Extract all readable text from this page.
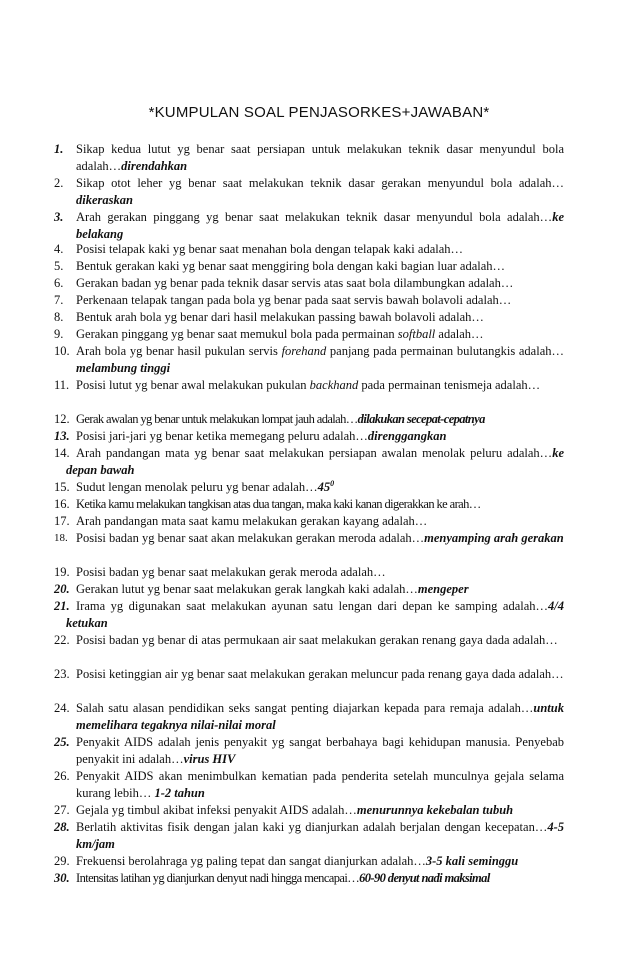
*KUMPULAN SOAL PENJASORKES+JAWABAN*
1.	Sikap kedua lutut yg benar saat persiapan untuk melakukan teknik dasar menyundul bola adalah…direndahkan
2.	Sikap otot leher yg benar saat melakukan teknik dasar gerakan menyundul bola adalah…dikeraskan
3.	Arah gerakan pinggang yg benar saat melakukan teknik dasar menyundul bola adalah…ke belakang
4.	Posisi telapak kaki yg benar saat menahan bola dengan telapak kaki adalah…
5.	Bentuk gerakan kaki yg benar saat menggiring bola dengan kaki bagian luar adalah…
6.	Gerakan badan yg benar pada teknik dasar servis atas saat bola dilambungkan adalah…
7.	Perkenaan telapak tangan pada bola yg benar pada saat servis bawah bolavoli adalah…
8.	Bentuk arah bola yg benar dari hasil melakukan passing bawah bolavoli adalah…
9.	Gerakan pinggang yg benar saat memukul bola pada permainan softball adalah…
10. Arah bola yg benar hasil pukulan servis forehand panjang pada permainan bulutangkis adalah…melambung tinggi
11. Posisi lutut yg benar awal melakukan pukulan backhand pada permainan tenismeja adalah…
12. Gerak awalan yg benar untuk melakukan lompat jauh adalah…dilakukan secepat-cepatnya
13. Posisi jari-jari yg benar ketika memegang peluru adalah…direnggangkan
14. Arah pandangan mata yg benar saat melakukan persiapan awalan menolak peluru adalah…ke depan bawah
15. Sudut lengan menolak peluru yg benar $adalah\dots 45^0$
16. Ketika kamu melakukan tangkisan atas dua tangan, maka kaki kanan digerakkan ke arah…
17. Arah pandangan mata saat kamu melakukan gerakan kayang adalah…
18. Posisi badan yg benar saat akan melakukan gerakan meroda adalah…menyamping arah gerakan
19. Posisi badan yg benar saat melakukan gerak meroda adalah…
20. Gerakan lutut yg benar saat melakukan gerak langkah kaki adalah…mengeper
21. Irama yg digunakan saat melakukan ayunan satu lengan dari depan ke samping adalah…4/4 ketukan
22. Posisi badan yg benar di atas permukaan air saat melakukan gerakan renang gaya dada adalah…
23. Posisi ketinggian air yg benar saat melakukan gerakan meluncur pada renang gaya dada adalah…
24. Salah satu alasan pendidikan seks sangat penting diajarkan kepada para remaja adalah…untuk memelihara tegaknya nilai-nilai moral
25. Penyakit AIDS adalah jenis penyakit yg sangat berbahaya bagi kehidupan manusia. Penyebab penyakit ini adalah…virus HIV
26. Penyakit AIDS akan menimbulkan kematian pada penderita setelah munculnya gejala selama kurang lebih… 1-2 tahun
27. Gejala yg timbul akibat infeksi penyakit AIDS adalah…menurunnya kekebalan tubuh
28. Berlatih aktivitas fisik dengan jalan kaki yg dianjurkan adalah berjalan dengan kecepatan…4-5 km/jam
29. Frekuensi berolahraga yg paling tepat dan sangat dianjurkan adalah…3-5 kali seminggu
30. Intensitas latihan yg dianjurkan denyut nadi hingga mencapai…60-90 denyut nadi maksimal
